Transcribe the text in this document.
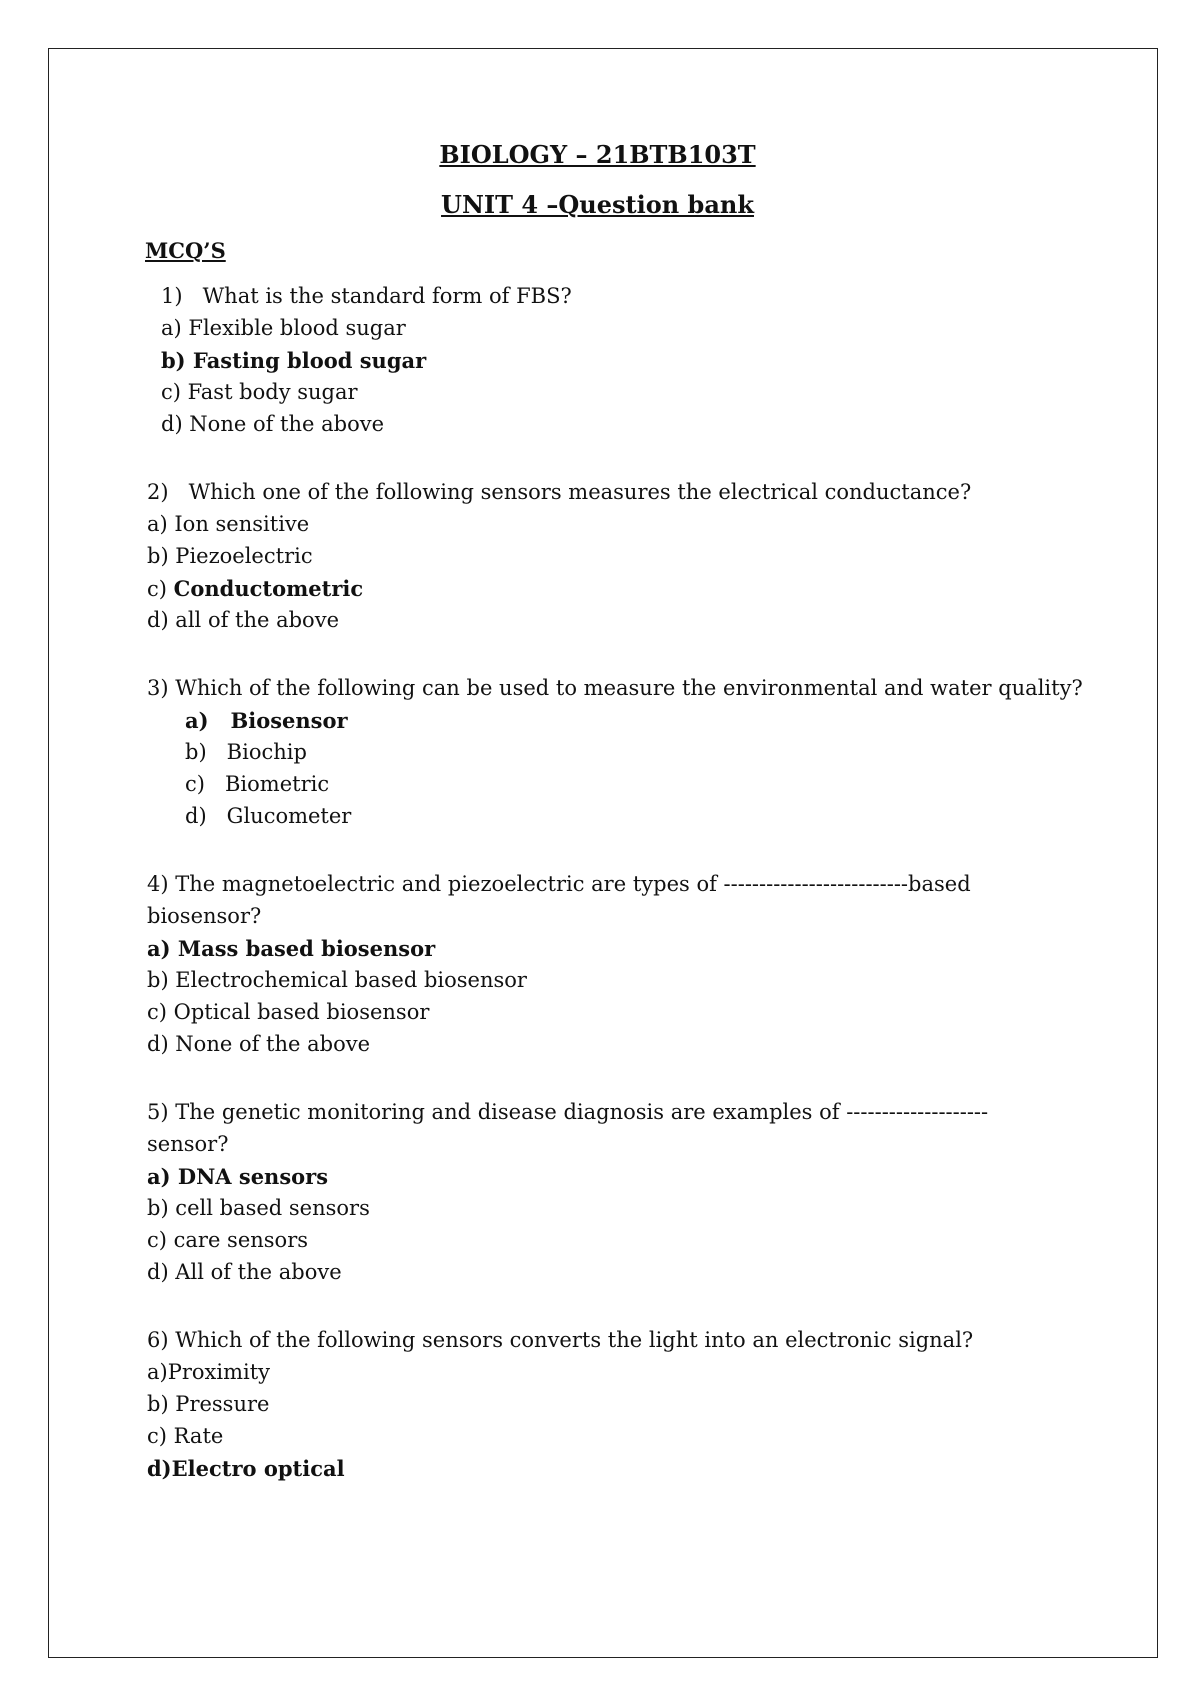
BIOLOGY – 21BTB103T
UNIT 4 –Question bank
MCQ’S
1) What is the standard form of FBS?
a) Flexible blood sugar
b) Fasting blood sugar
c) Fast body sugar
d) None of the above
2) Which one of the following sensors measures the electrical conductance?
a) Ion sensitive
b) Piezoelectric
c) Conductometric
d) all of the above
3) Which of the following can be used to measure the environmental and water quality?
a) Biosensor
b) Biochip
c) Biometric
d) Glucometer
4) The magnetoelectric and piezoelectric are types of --------------------------based
biosensor?
a) Mass based biosensor
b) Electrochemical based biosensor
c) Optical based biosensor
d) None of the above
5) The genetic monitoring and disease diagnosis are examples of --------------------
sensor?
a) DNA sensors
b) cell based sensors
c) care sensors
d) All of the above
6) Which of the following sensors converts the light into an electronic signal?
a)Proximity
b) Pressure
c) Rate
d)Electro optical
